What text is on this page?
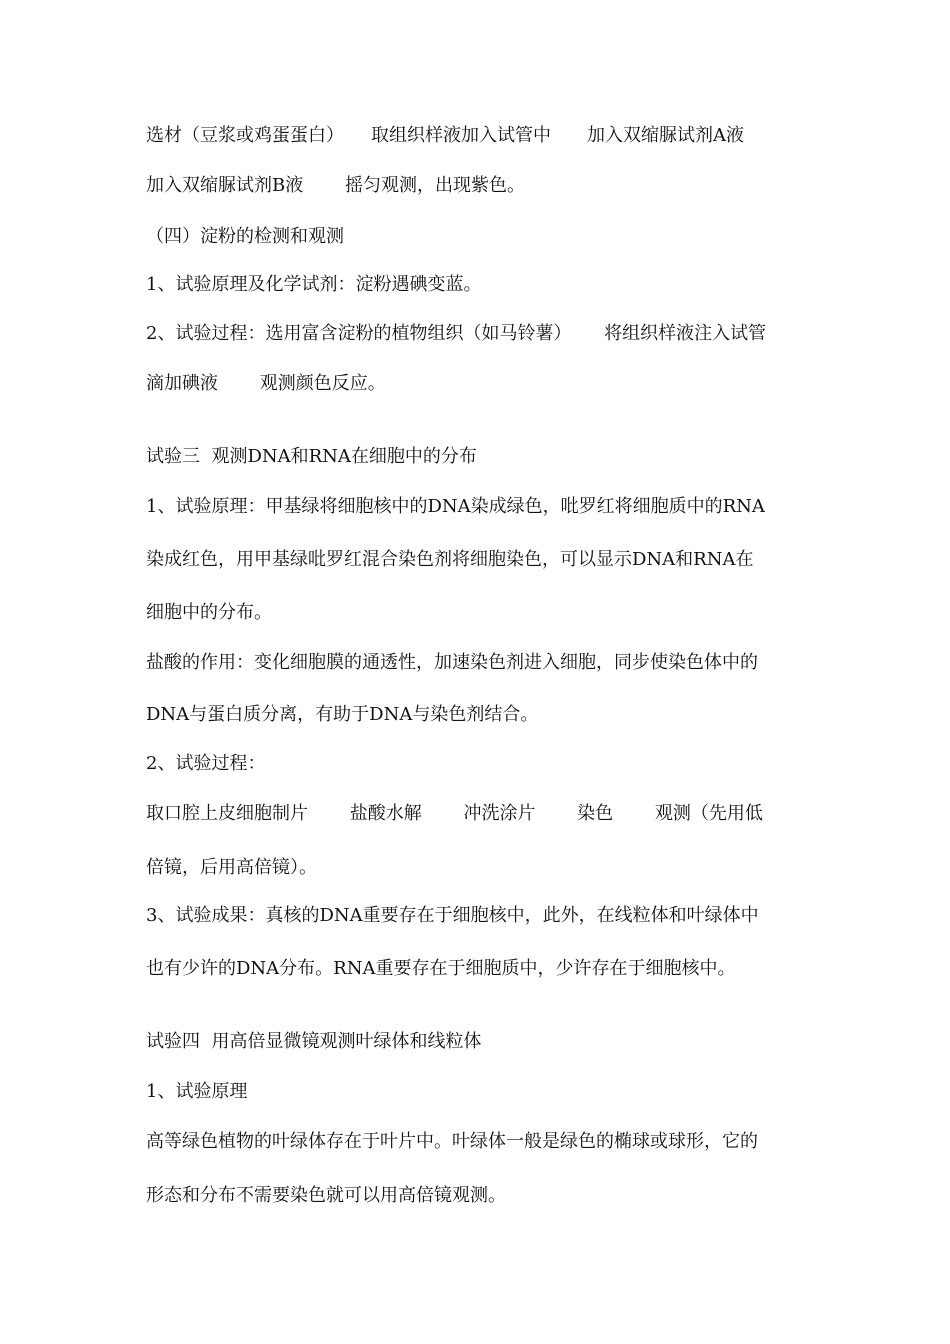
选材（豆浆或鸡蛋蛋白）　　取组织样液加入试管中　　加入双缩脲试剂A液

加入双缩脲试剂B液　　 摇匀观测，出现紫色。

（四）淀粉的检测和观测

1、试验原理及化学试剂：淀粉遇碘变蓝。

2、试验过程：选用富含淀粉的植物组织（如马铃薯）　　 将组织样液注入试管

滴加碘液　　 观测颜色反应。

试验三  观测DNA和RNA在细胞中的分布

1、试验原理：甲基绿将细胞核中的DNA染成绿色，吡罗红将细胞质中的RNA

染成红色，用甲基绿吡罗红混合染色剂将细胞染色，可以显示DNA和RNA在

细胞中的分布。

盐酸的作用：变化细胞膜的通透性，加速染色剂进入细胞，同步使染色体中的

DNA与蛋白质分离，有助于DNA与染色剂结合。

2、试验过程：

取口腔上皮细胞制片　　 盐酸水解　　 冲洗涂片　　 染色　　 观测（先用低

倍镜，后用高倍镜）。

3、试验成果：真核的DNA重要存在于细胞核中，此外，在线粒体和叶绿体中

也有少许的DNA分布。RNA重要存在于细胞质中，少许存在于细胞核中。

试验四  用高倍显微镜观测叶绿体和线粒体

1、试验原理

高等绿色植物的叶绿体存在于叶片中。叶绿体一般是绿色的椭球或球形，它的

形态和分布不需要染色就可以用高倍镜观测。
